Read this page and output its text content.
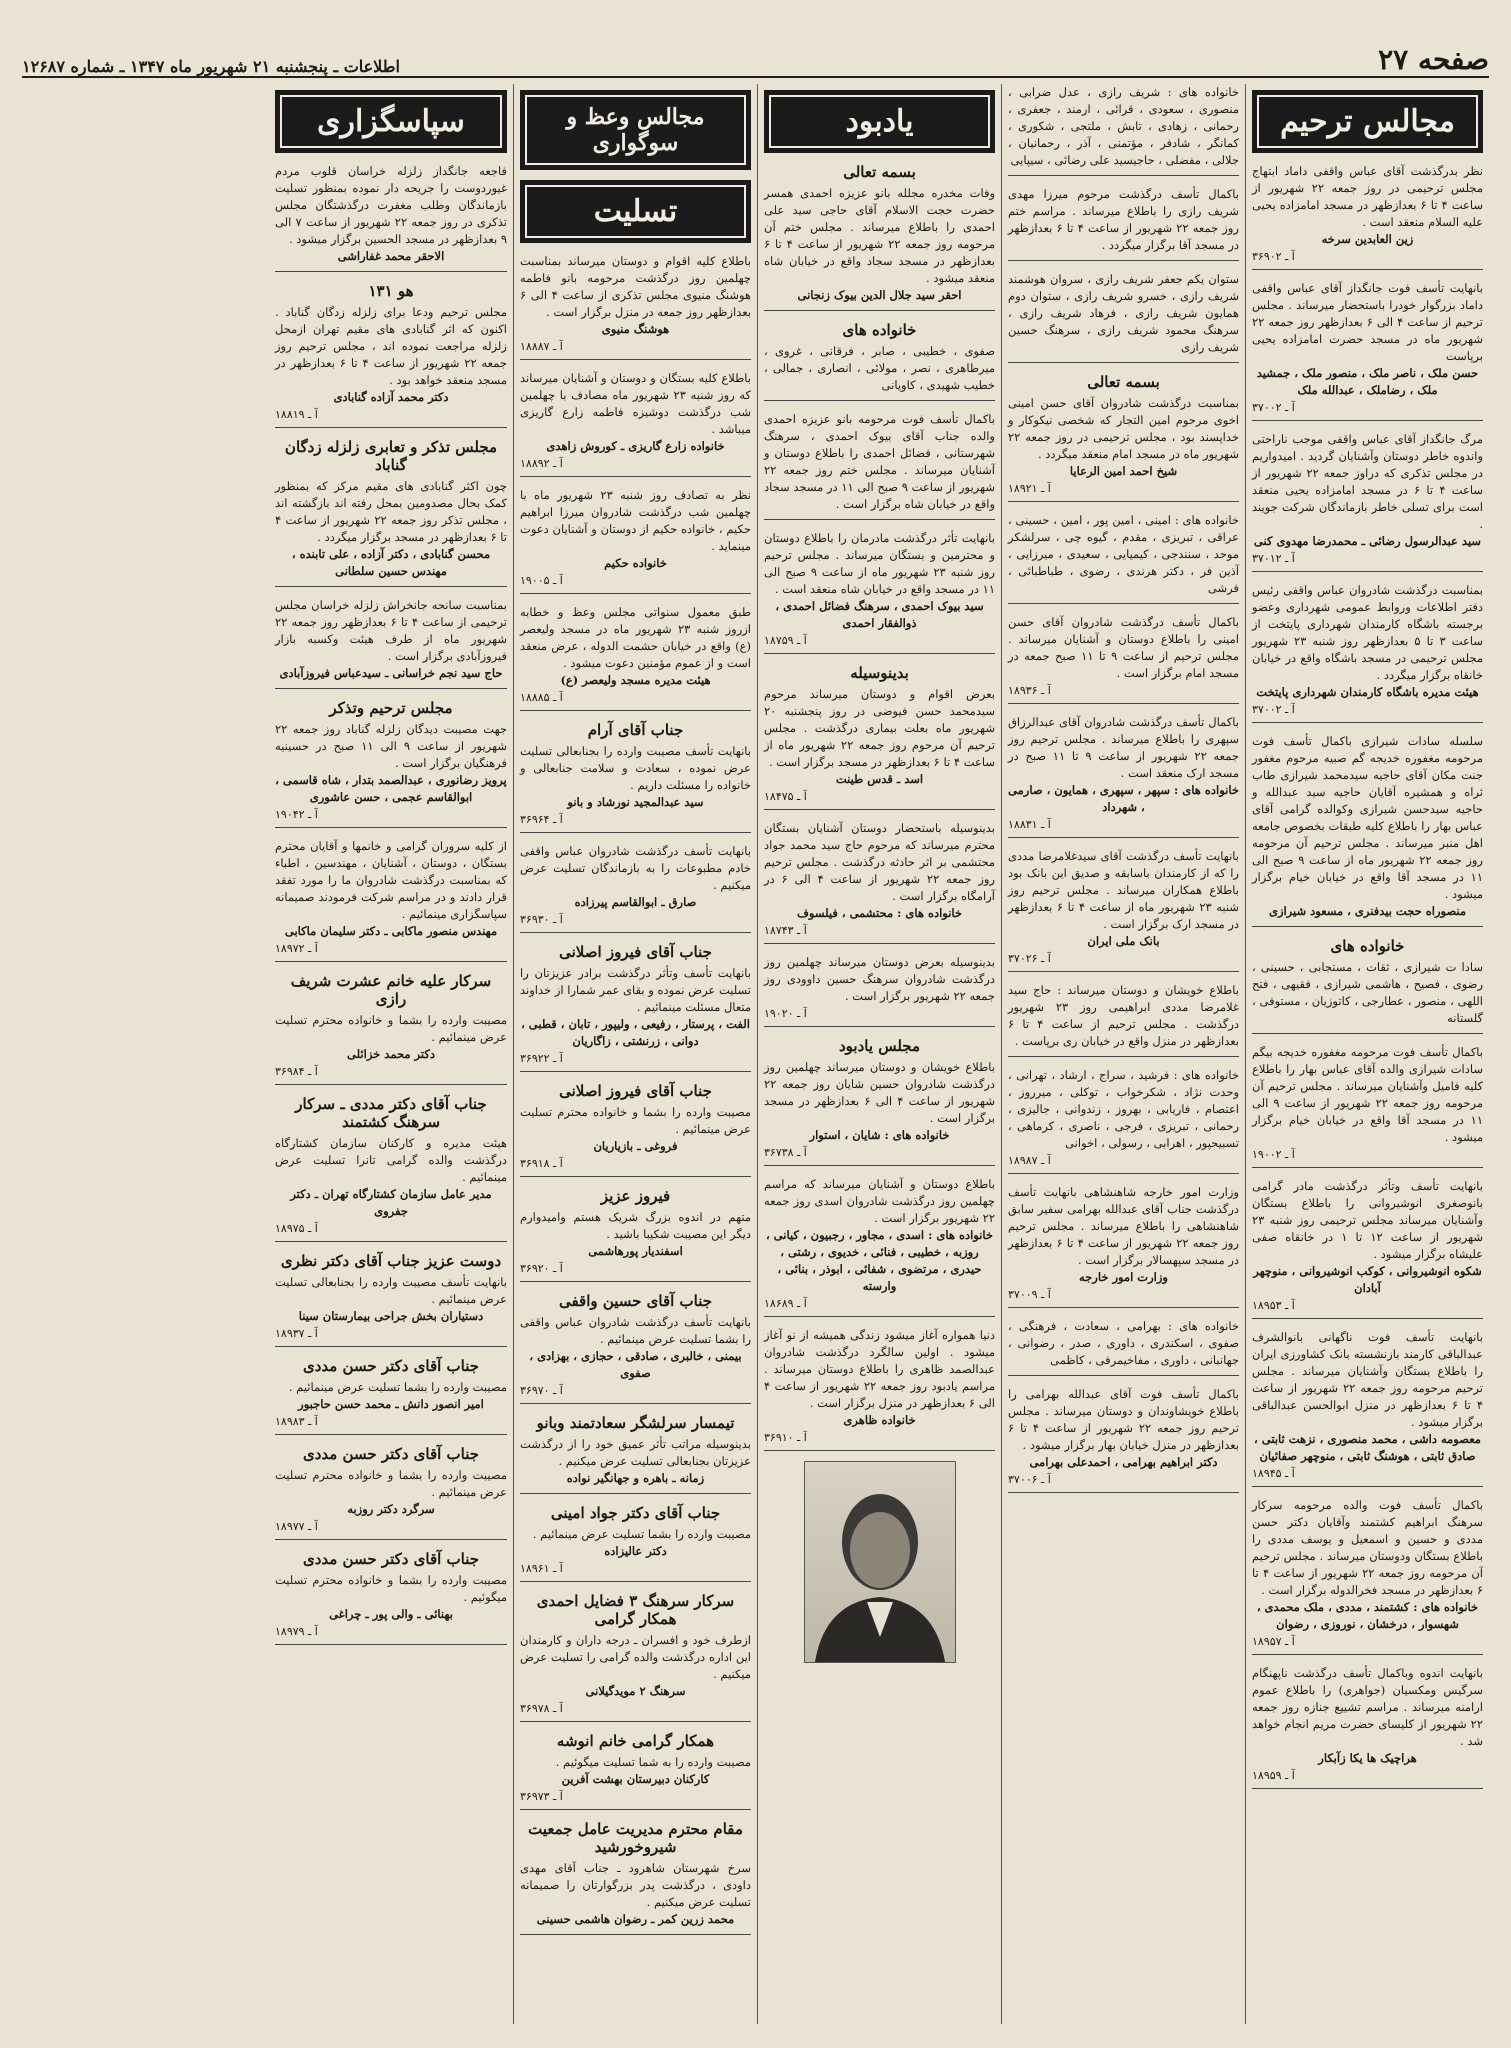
صفحه ۲۷
اطلاعات ـ پنجشنبه ۲۱ شهریور ماه ۱۳۴۷ ـ شماره ۱۲۶۸۷
مجالس ترحیم

نظر بدرگذشت آقای عباس واقفی داماد ابتهاج مجلس ترحیمی در روز جمعه ۲۲ شهریور از ساعت ۴ تا ۶ بعدازظهر در مسجد امامزاده یحیی علیه السلام منعقد است .

زین العابدین سرخه

آ ـ ۳۶۹۰۲

بانهایت تأسف فوت جانگداز آقای عباس واقفی داماد بزرگوار خودرا باستحضار میرساند . مجلس ترحیم از ساعت ۴ الی ۶ بعدازظهر روز جمعه ۲۲ شهریور ماه در مسجد حضرت امامزاده یحیی برپاست

حسن ملک ، ناصر ملک ، منصور ملک ، جمشید ملک ، رضاملک ، عبدالله ملک

آ ـ ۳۷۰۰۲

مرگ جانگداز آقای عباس واقفی موجب ناراحتی واندوه خاطر دوستان وآشنایان گردید . امیدواریم در مجلس تذکری که دراوز جمعه ۲۲ شهریور از ساعت ۴ تا ۶ در مسجد امامزاده یحیی منعقد است برای تسلی خاطر بازماندگان شرکت جویند .

سید عبدالرسول رضائی ـ محمدرضا مهدوی کنی

آ ـ ۳۷۰۱۲

بمناسبت درگذشت شادروان عباس واقفی رئیس دفتر اطلاعات وروابط عمومی شهرداری وعضو برجسته باشگاه کارمندان شهرداری پایتخت از ساعت ۳ تا ۵ بعدازظهر روز شنبه ۲۳ شهریور مجلس ترحیمی در مسجد باشگاه واقع در خیابان خانقاه برگزار میگردد .

هیئت مدیره باشگاه کارمندان شهرداری پایتخت

آ ـ ۳۷۰۰۲

سلسله سادات شیرازی باکمال تأسف فوت مرحومه مغفوره خدیجه گم صبیه مرحوم مغفور جنت مکان آقای حاجیه سیدمحمد شیرازی طاب ثراه و همشیره آقایان حاجیه سید عبدالله و حاجیه سیدحسن شیرازی وکوالده گرامی آقای عباس بهار را باطلاع کلیه طبقات بخصوص جامعه اهل منبر میرساند . مجلس ترحیم آن مرحومه روز جمعه ۲۲ شهریور ماه از ساعت ۹ صبح الی ۱۱ در مسجد آقا واقع در خیابان خیام برگزار میشود .

منصوراه حجت بیدفنری ، مسعود شیرازی

خانواده های

سادا ت شیرازی ، ثقات ، مستجابی ، حسینی ، رضوی ، فصیح ، هاشمی شیرازی ، فقیهی ، فتح اللهی ، منصور ، عطارجی ، کاتوزیان ، مستوفی ، گلستانه

باکمال تأسف فوت مرحومه مغفوره خدیجه بیگم سادات شیرازی والده آقای عباس بهار را باطلاع کلیه فامیل وآشنایان میرساند . مجلس ترحیم آن مرحومه روز جمعه ۲۲ شهریور از ساعت ۹ الی ۱۱ در مسجد آقا واقع در خیابان خیام برگزار میشود .

آ ـ ۱۹۰۰۲

بانهایت تأسف وتأثر درگذشت مادر گرامی بانوصغری انوشیروانی را باطلاع بستگان وآشنایان میرساند مجلس ترحیمی روز شنبه ۲۳ شهریور از ساعت ۱۲ تا ۱ در خانقاه صفی علیشاه برگزار میشود .

شکوه انوشیروانی ، کوکب انوشیروانی ، منوچهر آبادان

آ ـ ۱۸۹۵۳

بانهایت تأسف فوت ناگهانی بانوالشرف عبدالباقی کارمند بازنشسته بانک کشاورزی ایران را باطلاع بستگان وآشنایان میرساند . مجلس ترحیم مرحومه روز جمعه ۲۲ شهریور از ساعت ۴ تا ۶ بعدازظهر در منزل ابوالحسن عبدالباقی برگزار میشود .

معصومه داشی ، محمد منصوری ، نزهت ثابتی ، صادق ثابتی ، هوشنگ ثابتی ، منوچهر صفائیان

آ ـ ۱۸۹۴۵

باکمال تأسف فوت والده مرحومه سرکار سرهنگ ابراهیم کشتمند وآقایان دکتر حسن مددی و حسین و اسمعیل و یوسف مددی را باطلاع بستگان ودوستان میرساند . مجلس ترحیم آن مرحومه روز جمعه ۲۲ شهریور از ساعت ۴ تا ۶ بعدازظهر در مسجد فخرالدوله برگزار است .

خانواده های : کشتمند ، مددی ، ملک محمدی ، شهسوار ، درخشان ، نوروزی ، رضوان

آ ـ ۱۸۹۵۷

بانهایت اندوه وباکمال تأسف درگذشت ناپهنگام سرگیس ومکسیان (جواهری) را باطلاع عموم ارامنه میرساند . مراسم تشییع جنازه روز جمعه ۲۲ شهریور از کلیسای حضرت مریم انجام خواهد شد .

هراچیک ها یکا زآبکار

آ ـ ۱۸۹۵۹

خانواده های : شریف رازی ، عدل ضرابی ، منصوری ، سعودی ، قرائی ، ارمند ، جعفری ، رحمانی ، زهادی ، تابش ، ملتجی ، شکوری ، کمانگر ، شادفر ، مؤتمنی ، آذر ، رحمانیان ، جلالی ، مفضلی ، حاجیسید علی رضائی ، سیپایی

باکمال تأسف درگذشت مرحوم میرزا مهدی شریف رازی را باطلاع میرساند . مراسم ختم روز جمعه ۲۲ شهریور از ساعت ۴ تا ۶ بعدازظهر در مسجد آقا برگزار میگردد .

ستوان یکم جعفر شریف رازی ، سروان هوشمند شریف رازی ، خسرو شریف رازی ، ستوان دوم همایون شریف رازی ، فرهاد شریف رازی ، سرهنگ محمود شریف رازی ، سرهنگ حسین شریف رازی

بسمه تعالی

بمناسبت درگذشت شادروان آقای حسن امینی اخوی مرحوم امین التجار که شخصی نیکوکار و خداپسند بود ، مجلس ترحیمی در روز جمعه ۲۲ شهریور ماه در مسجد امام منعقد میگردد .

شیخ احمد امین الرعایا

آ ـ ۱۸۹۲۱

خانواده های : امینی ، امین پور ، امین ، حسینی ، عراقی ، تبریزی ، مقدم ، گیوه چی ، سرلشکر موحد ، سنندجی ، کیمیایی ، سعیدی ، میرزایی ، آذین فر ، دکتر هرندی ، رضوی ، طباطبائی ، فرشی

باکمال تأسف درگذشت شادروان آقای حسن امینی را باطلاع دوستان و آشنایان میرساند . مجلس ترحیم از ساعت ۹ تا ۱۱ صبح جمعه در مسجد امام برگزار است .

آ ـ ۱۸۹۳۶

باکمال تأسف درگذشت شادروان آقای عبدالرزاق سپهری را باطلاع میرساند . مجلس ترحیم روز جمعه ۲۲ شهریور از ساعت ۹ تا ۱۱ صبح در مسجد ارک منعقد است .

خانواده های : سپهر ، سپهری ، همایون ، صارمی ، شهرداد

آ ـ ۱۸۸۳۱

بانهایت تأسف درگذشت آقای سیدغلامرضا مددی را که از کارمندان باسابقه و صدیق این بانک بود باطلاع همکاران میرساند . مجلس ترحیم روز شنبه ۲۳ شهریور ماه از ساعت ۴ تا ۶ بعدازظهر در مسجد ارک برگزار است .

بانک ملی ایران

آ ـ ۳۷۰۲۶

باطلاع خویشان و دوستان میرساند : حاج سید غلامرضا مددی ابراهیمی روز ۲۳ شهریور درگذشت . مجلس ترحیم از ساعت ۴ تا ۶ بعدازظهر در منزل واقع در خیابان ری برپاست .

خانواده های : فرشید ، سراج ، ارشاد ، تهرانی ، وحدت نژاد ، شکرخواب ، توکلی ، میرروز ، اعتصام ، فاریابی ، بهروز ، زندوانی ، جالیزی ، رحمانی ، تبریزی ، فرجی ، ناصری ، کرماهی ، تسبیحپور ، اهرابی ، رسولی ، اخوانی

آ ـ ۱۸۹۸۷

وزارت امور خارجه شاهنشاهی بانهایت تأسف درگذشت جناب آقای عبدالله بهرامی سفیر سابق شاهنشاهی را باطلاع میرساند . مجلس ترحیم روز جمعه ۲۲ شهریور از ساعت ۴ تا ۶ بعدازظهر در مسجد سپهسالار برگزار است .

وزارت امور خارجه

آ ـ ۳۷۰۰۹

خانواده های : بهرامی ، سعادت ، فرهنگی ، صفوی ، اسکندری ، داوری ، صدر ، رضوانی ، جهانبانی ، داوری ، مفاخیمرفی ، کاظمی

باکمال تأسف فوت آقای عبدالله بهرامی را باطلاع خویشاوندان و دوستان میرساند . مجلس ترحیم روز جمعه ۲۲ شهریور از ساعت ۴ تا ۶ بعدازظهر در منزل خیابان بهار برگزار میشود .

دکتر ابراهیم بهرامی ، احمدعلی بهرامی

آ ـ ۳۷۰۰۶
یادبود
بسمه تعالی

وفات مخدره مجلله بانو عزیزه احمدی همسر حضرت حجت الاسلام آقای حاجی سید علی احمدی را باطلاع میرساند . مجلس ختم آن مرحومه روز جمعه ۲۲ شهریور از ساعت ۴ تا ۶ بعدازظهر در مسجد سجاد واقع در خیابان شاه منعقد میشود .

احقر سید جلال الدین بیوک زنجانی

خانواده های

صفوی ، خطیبی ، صابر ، فرقانی ، غروی ، میرطاهری ، نصر ، مولائی ، انصاری ، جمالی ، خطیب شهیدی ، کاویانی

باکمال تأسف فوت مرحومه بانو عزیزه احمدی والده جناب آقای بیوک احمدی ، سرهنگ شهرستانی ، فضائل احمدی را باطلاع دوستان و آشنایان میرساند . مجلس ختم روز جمعه ۲۲ شهریور از ساعت ۹ صبح الی ۱۱ در مسجد سجاد واقع در خیابان شاه برگزار است .

بانهایت تأثر درگذشت مادرمان را باطلاع دوستان و محترمین و بستگان میرساند . مجلس ترحیم روز شنبه ۲۳ شهریور ماه از ساعت ۹ صبح الی ۱۱ در مسجد واقع در خیابان شاه منعقد است .

سید بیوک احمدی ، سرهنگ فضائل احمدی ، ذوالفقار احمدی

آ ـ ۱۸۷۵۹
بدینوسیله

بعرض اقوام و دوستان میرساند مرحوم سیدمحمد حسن فیوضی در روز پنجشنبه ۲۰ شهریور ماه بعلت بیماری درگذشت . مجلس ترحیم آن مرحوم روز جمعه ۲۲ شهریور ماه از ساعت ۴ تا ۶ بعدازظهر در مسجد برگزار است .

اسد ـ قدس طینت

آ ـ ۱۸۴۷۵

بدینوسیله باستحضار دوستان آشنایان بستگان محترم میرساند که مرحوم حاج سید محمد جواد محتشمی بر اثر حادثه درگذشت . مجلس ترحیم روز جمعه ۲۲ شهریور از ساعت ۴ الی ۶ در آرامگاه برگزار است .

خانواده های : محتشمی ، فیلسوف

آ ـ ۱۸۷۴۳

بدینوسیله بعرض دوستان میرساند چهلمین روز درگذشت شادروان سرهنگ حسین داوودی روز جمعه ۲۲ شهریور برگزار است .

آ ـ ۱۹۰۲۰
مجلس یادبود

باطلاع خویشان و دوستان میرساند چهلمین روز درگذشت شادروان حسین شایان روز جمعه ۲۲ شهریور از ساعت ۴ الی ۶ بعدازظهر در مسجد برگزار است .

خانواده های : شایان ، استوار

آ ـ ۳۶۷۳۸

باطلاع دوستان و آشنایان میرساند که مراسم چهلمین روز درگذشت شادروان اسدی روز جمعه ۲۲ شهریور برگزار است .

خانواده های : اسدی ، مجاور ، رجبیون ، کیانی ، روزبه ، خطیبی ، فنائی ، خدیوی ، رشتی ، حیدری ، مرتضوی ، شفائی ، ابوذر ، بنائی ، وارسته

آ ـ ۱۸۶۸۹

دنیا همواره آغاز میشود زندگی همیشه از نو آغاز میشود . اولین سالگرد درگذشت شادروان عبدالصمد ظاهری را باطلاع دوستان میرساند . مراسم یادبود روز جمعه ۲۲ شهریور از ساعت ۴ الی ۶ بعدازظهر در منزل برگزار است .

خانواده ظاهری

آ ـ ۳۶۹۱۰
مجالس وعظ و سوگواری
تسلیت

باطلاع کلیه اقوام و دوستان میرساند بمناسبت چهلمین روز درگذشت مرحومه بانو فاطمه هوشنگ منیوی مجلس تذکری از ساعت ۴ الی ۶ بعدازظهر روز جمعه در منزل برگزار است .

هوشنگ منیوی

آ ـ ۱۸۸۸۷

باطلاع کلیه بستگان و دوستان و آشنایان میرساند که روز شنبه ۲۳ شهریور ماه مصادف با چهلمین شب درگذشت دوشیزه فاطمه زارع گاریزی میباشد .

خانواده زارع گاریزی ـ کوروش زاهدی

آ ـ ۱۸۸۹۲

نظر به تصادف روز شنبه ۲۳ شهریور ماه با چهلمین شب درگذشت شادروان میرزا ابراهیم حکیم ، خانواده حکیم از دوستان و آشنایان دعوت مینماید .

خانواده حکیم

آ ـ ۱۹۰۰۵

طبق معمول سنواتی مجلس وعظ و خطابه ازروز شنبه ۲۳ شهریور ماه در مسجد ولیعصر (ع) واقع در خیابان حشمت الدوله ، عرض منعقد است و از عموم مؤمنین دعوت میشود .

هیئت مدیره مسجد ولیعصر (ع)

آ ـ ۱۸۸۸۵
جناب آقای آرام

بانهایت تأسف مصیبت وارده را بجنابعالی تسلیت عرض نموده ، سعادت و سلامت جنابعالی و خانواده را مسئلت داریم .

سید عبدالمجید نورشاد و بانو

آ ـ ۳۶۹۶۴

بانهایت تأسف درگذشت شادروان عباس واقفی خادم مطبوعات را به بازماندگان تسلیت عرض میکنیم .

صارق ـ ابوالقاسم پیرزاده

آ ـ ۳۶۹۳۰
جناب آقای فیروز اصلانی

بانهایت تأسف وتأثر درگذشت برادر عزیزتان را تسلیت عرض نموده و بقای عمر شمارا از خداوند متعال مسئلت مینمائیم .

الفت ، پرستار ، رفیعی ، ولیپور ، تابان ، قطبی ، دوانی ، زرنشتی ، زاگاریان

آ ـ ۳۶۹۲۲
جناب آقای فیروز اصلانی

مصیبت وارده را بشما و خانواده محترم تسلیت عرض مینمائیم .

فروغی ـ بازیاریان

آ ـ ۳۶۹۱۸
فیروز عزیز

متهم در اندوه بزرگ شریک هستم وامیدوارم دیگر این مصیبت شکیبا باشید .

اسفندیار پورهاشمی

آ ـ ۳۶۹۲۰
جناب آقای حسین واقفی

بانهایت تأسف درگذشت شادروان عباس واقفی را بشما تسلیت عرض مینمائیم .

بیمنی ، خالبری ، صادقی ، حجازی ، بهزادی ، صفوی

آ ـ ۳۶۹۷۰
تیمسار سرلشگر سعادتمند وبانو

بدینوسیله مراتب تأثر عمیق خود را از درگذشت عزیزتان بجنابعالی تسلیت عرض میکنیم .

زمانه ـ باهره و جهانگیر نواده

جناب آقای دکتر جواد امینی

مصیبت وارده را بشما تسلیت عرض مینمائیم .

دکتر عالیزاده

آ ـ ۱۸۹۶۱
سرکار سرهنگ ۳ فضایل احمدی همکار گرامی

ازطرف خود و افسران ـ درجه داران و کارمندان این اداره درگذشت والده گرامی را تسلیت عرض میکنیم .

سرهنگ ۲ مویدگیلانی

آ ـ ۳۶۹۷۸
همکار گرامی خانم انوشه

مصیبت وارده را به شما تسلیت میگوئیم .

کارکنان دبیرستان بهشت آفرین

آ ـ ۳۶۹۷۳
مقام محترم مدیریت عامل جمعیت شیروخورشید

سرخ شهرستان شاهرود ـ جناب آقای مهدی داودی ، درگذشت پدر بزرگوارتان را صمیمانه تسلیت عرض میکنیم .

محمد زرین کمر ـ رضوان هاشمی حسینی

سپاسگزاری

فاجعه جانگداز زلزله خراسان قلوب مردم غیوردوست را جریحه دار نموده بمنظور تسلیت بازماندگان وطلب مغفرت درگذشتگان مجلس تذکری در روز جمعه ۲۲ شهریور از ساعت ۷ الی ۹ بعدازظهر در مسجد الحسین برگزار میشود .

الاحقر محمد غفاراشی

هو ۱۳۱

مجلس ترحیم ودعا برای زلزله زدگان گناباد . اکنون که اثر گنابادی های مقیم تهران ازمحل زلزله مراجعت نموده اند ، مجلس ترحیم روز جمعه ۲۲ شهریور از ساعت ۴ تا ۶ بعدازظهر در مسجد منعقد خواهد بود .

دکتر محمد آزاده گنابادی

آ ـ ۱۸۸۱۹
مجلس تذکر و تعابری زلزله زدگان گناباد

چون اکثر گنابادی های مقیم مرکز که بمنظور کمک بحال مصدومین بمحل رفته اند بازگشته اند ، مجلس تذکر روز جمعه ۲۲ شهریور از ساعت ۴ تا ۶ بعدازظهر در مسجد برگزار میگردد .

محسن گنابادی ، دکتر آزاده ، علی تابنده ، مهندس حسین سلطانی

بمناسبت سانحه جانخراش زلزله خراسان مجلس ترحیمی از ساعت ۴ تا ۶ بعدازظهر روز جمعه ۲۲ شهریور ماه از طرف هیئت وکسبه بازار فیروزآبادی برگزار است .

حاج سید نجم خراسانی ـ سیدعباس فیروزآبادی

مجلس ترحیم وتذکر

جهت مصیبت دیدگان زلزله گناباد روز جمعه ۲۲ شهریور از ساعت ۹ الی ۱۱ صبح در حسینیه فرهنگیان برگزار است .

پرویز رضانوری ، عبدالصمد بتدار ، شاه قاسمی ، ابوالقاسم عجمی ، حسن عاشوری

آ ـ ۱۹۰۴۲

از کلیه سروران گرامی و خانمها و آقایان محترم بستگان ، دوستان ، آشنایان ، مهندسین ، اطباء که بمناسبت درگذشت شادروان ما را مورد تفقد قرار دادند و در مراسم شرکت فرمودند صمیمانه سپاسگزاری مینمائیم .

مهندس منصور ماکابی ـ دکتر سلیمان ماکابی

آ ـ ۱۸۹۷۲
سرکار علیه خانم عشرت شریف رازی

مصیبت وارده را بشما و خانواده محترم تسلیت عرض مینمائیم .

دکتر محمد خزائلی

آ ـ ۳۶۹۸۴
جناب آقای دکتر مددی ـ سرکار سرهنگ کشتمند

هیئت مدیره و کارکنان سازمان کشتارگاه درگذشت والده گرامی تانرا تسلیت عرض مینمائیم .

مدیر عامل سازمان کشتارگاه تهران ـ دکتر جفروی

آ ـ ۱۸۹۷۵
دوست عزیز جناب آقای دکتر نظری

بانهایت تأسف مصیبت وارده را بجنابعالی تسلیت عرض مینمائیم .

دستیاران بخش جراحی بیمارستان سینا

آ ـ ۱۸۹۳۷
جناب آقای دکتر حسن مددی

مصیبت وارده را بشما تسلیت عرض مینمائیم .

امیر انصور دانش ـ محمد حسن حاجبور

آ ـ ۱۸۹۸۳
جناب آقای دکتر حسن مددی

مصیبت وارده را بشما و خانواده محترم تسلیت عرض مینمائیم .

سرگرد دکتر روزبه

آ ـ ۱۸۹۷۷
جناب آقای دکتر حسن مددی

مصیبت وارده را بشما و خانواده محترم تسلیت میگوئیم .

بهنائی ـ والی پور ـ چراغی

آ ـ ۱۸۹۷۹
